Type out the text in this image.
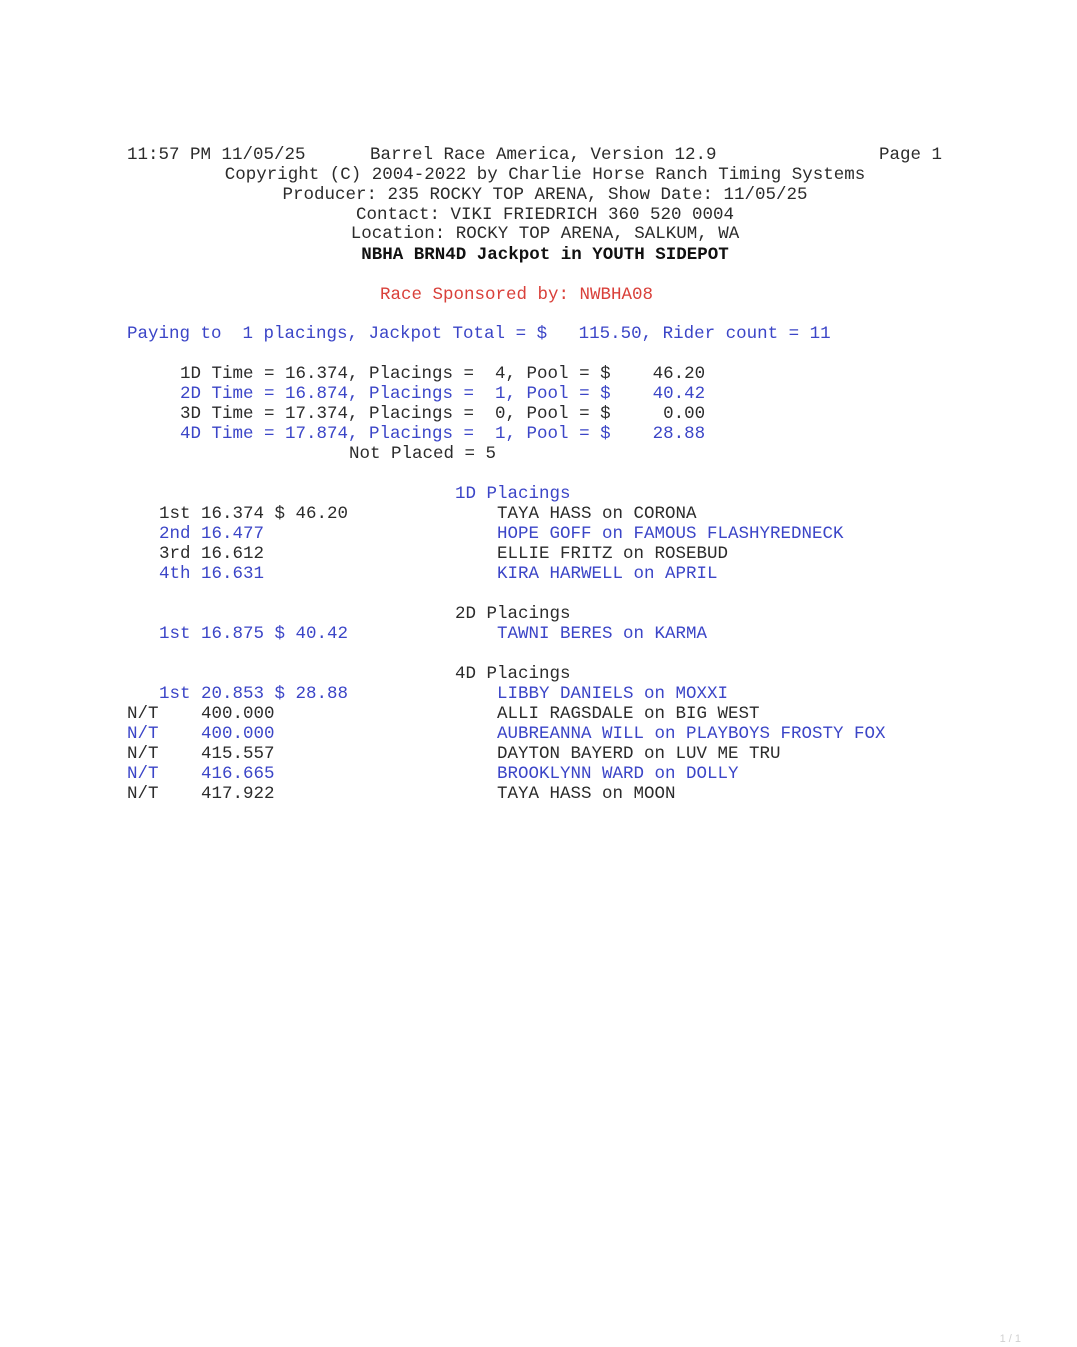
11:57 PM 11/05/25	Barrel Race America, Version 12.9	Page 1
Copyright (C) 2004-2022 by Charlie Horse Ranch Timing Systems
Producer: 235 ROCKY TOP ARENA, Show Date: 11/05/25
Contact: VIKI FRIEDRICH 360 520 0004
Location: ROCKY TOP ARENA, SALKUM, WA
NBHA BRN4D Jackpot in YOUTH SIDEPOT
Race Sponsored by: NWBHA08
Paying to  1 placings, Jackpot Total = $   115.50, Rider count = 11
1D Time = 16.374, Placings =  4, Pool = $    46.20
2D Time = 16.874, Placings =  1, Pool = $    40.42
3D Time = 17.374, Placings =  0, Pool = $     0.00
4D Time = 17.874, Placings =  1, Pool = $    28.88
Not Placed = 5
1D Placings
1st 16.374 $ 46.20	TAYA HASS on CORONA
2nd 16.477	HOPE GOFF on FAMOUS FLASHYREDNECK
3rd 16.612	ELLIE FRITZ on ROSEBUD
4th 16.631	KIRA HARWELL on APRIL
2D Placings
1st 16.875 $ 40.42	TAWNI BERES on KARMA
4D Placings
1st 20.853 $ 28.88	LIBBY DANIELS on MOXXI
N/T 400.000	ALLI RAGSDALE on BIG WEST
N/T 400.000	AUBREANNA WILL on PLAYBOYS FROSTY FOX
N/T 415.557	DAYTON BAYERD on LUV ME TRU
N/T 416.665	BROOKLYNN WARD on DOLLY
N/T 417.922	TAYA HASS on MOON
1 / 1
